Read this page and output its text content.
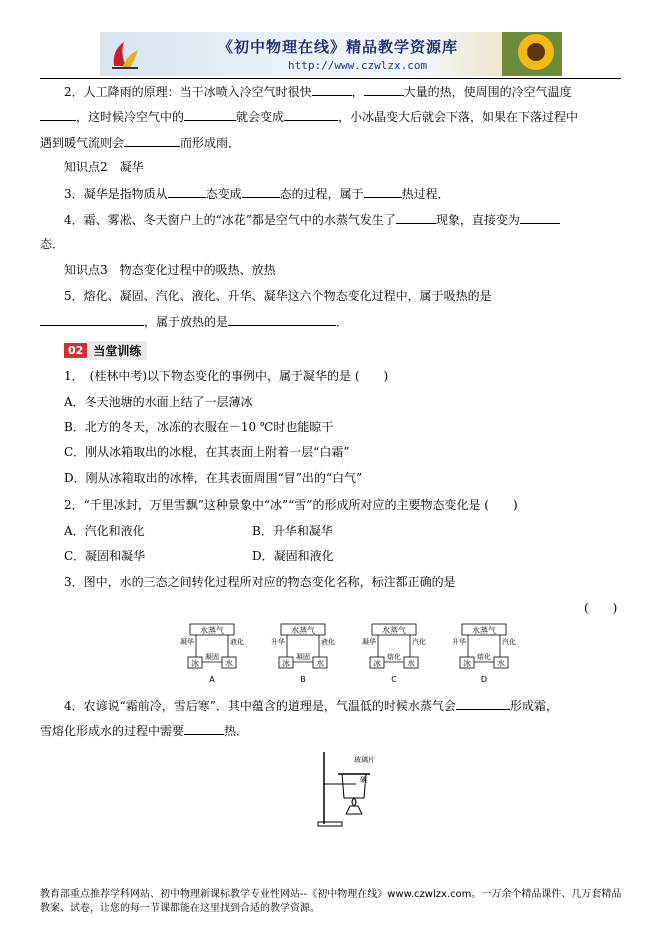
《初中物理在线》精品教学资源库
http://www.czwlzx.com
2．人工降雨的原理：当干冰喷入冷空气时很快	，	大量的热，使周围的冷空气温度
，这时候冷空气中的	就会变成	，小冰晶变大后就会下落，如果在下落过程中
遇到暖气流则会	而形成雨．
知识点2　凝华
3．凝华是指物质从	态变成	态的过程，属于	热过程．
4．霜、雾凇、冬天窗户上的“冰花”都是空气中的水蒸气发生了	现象，直接变为
态．
知识点3　物态变化过程中的吸热、放热
5．熔化、凝固、汽化、液化、升华、凝华这六个物态变化过程中，属于吸热的是
，属于放热的是	．
02 当堂训练
1．　(桂林中考)以下物态变化的事例中，属于凝华的是 (　　)
A．冬天池塘的水面上结了一层薄冰
B．北方的冬天，冰冻的衣服在－10 ℃时也能晾干
C．刚从冰箱取出的冰棍，在其表面上附着一层“白霜”
D．刚从冰箱取出的冰棒，在其表面周围“冒”出的“白气”
2．“千里冰封，万里雪飘”这种景象中“冰”“雪”的形成所对应的主要物态变化是 (　　)
A．汽化和液化	B．升华和凝华
C．凝固和凝华	D．凝固和液化
3．图中，水的三态之间转化过程所对应的物态变化名称，标注都正确的是
(　　)
水蒸气
凝华	液化
冰	水
凝固
A
水蒸气
升华	液化
冰	水
凝固
B
水蒸气
凝华	汽化
冰	水
熔化
C
水蒸气
升华	汽化
冰	水
熔化
D
4．农谚说“霜前冷，雪后寒”．其中蕴含的道理是，气温低的时候水蒸气会	形成霜，
雪熔化形成水的过程中需要	热．
玻璃片
碘
教育部重点推荐学科网站、初中物理新课标教学专业性网站--《初中物理在线》www.czwlzx.com。一万余个精品课件、几万套精品教案、试卷，让您的每一节课都能在这里找到合适的教学资源。
